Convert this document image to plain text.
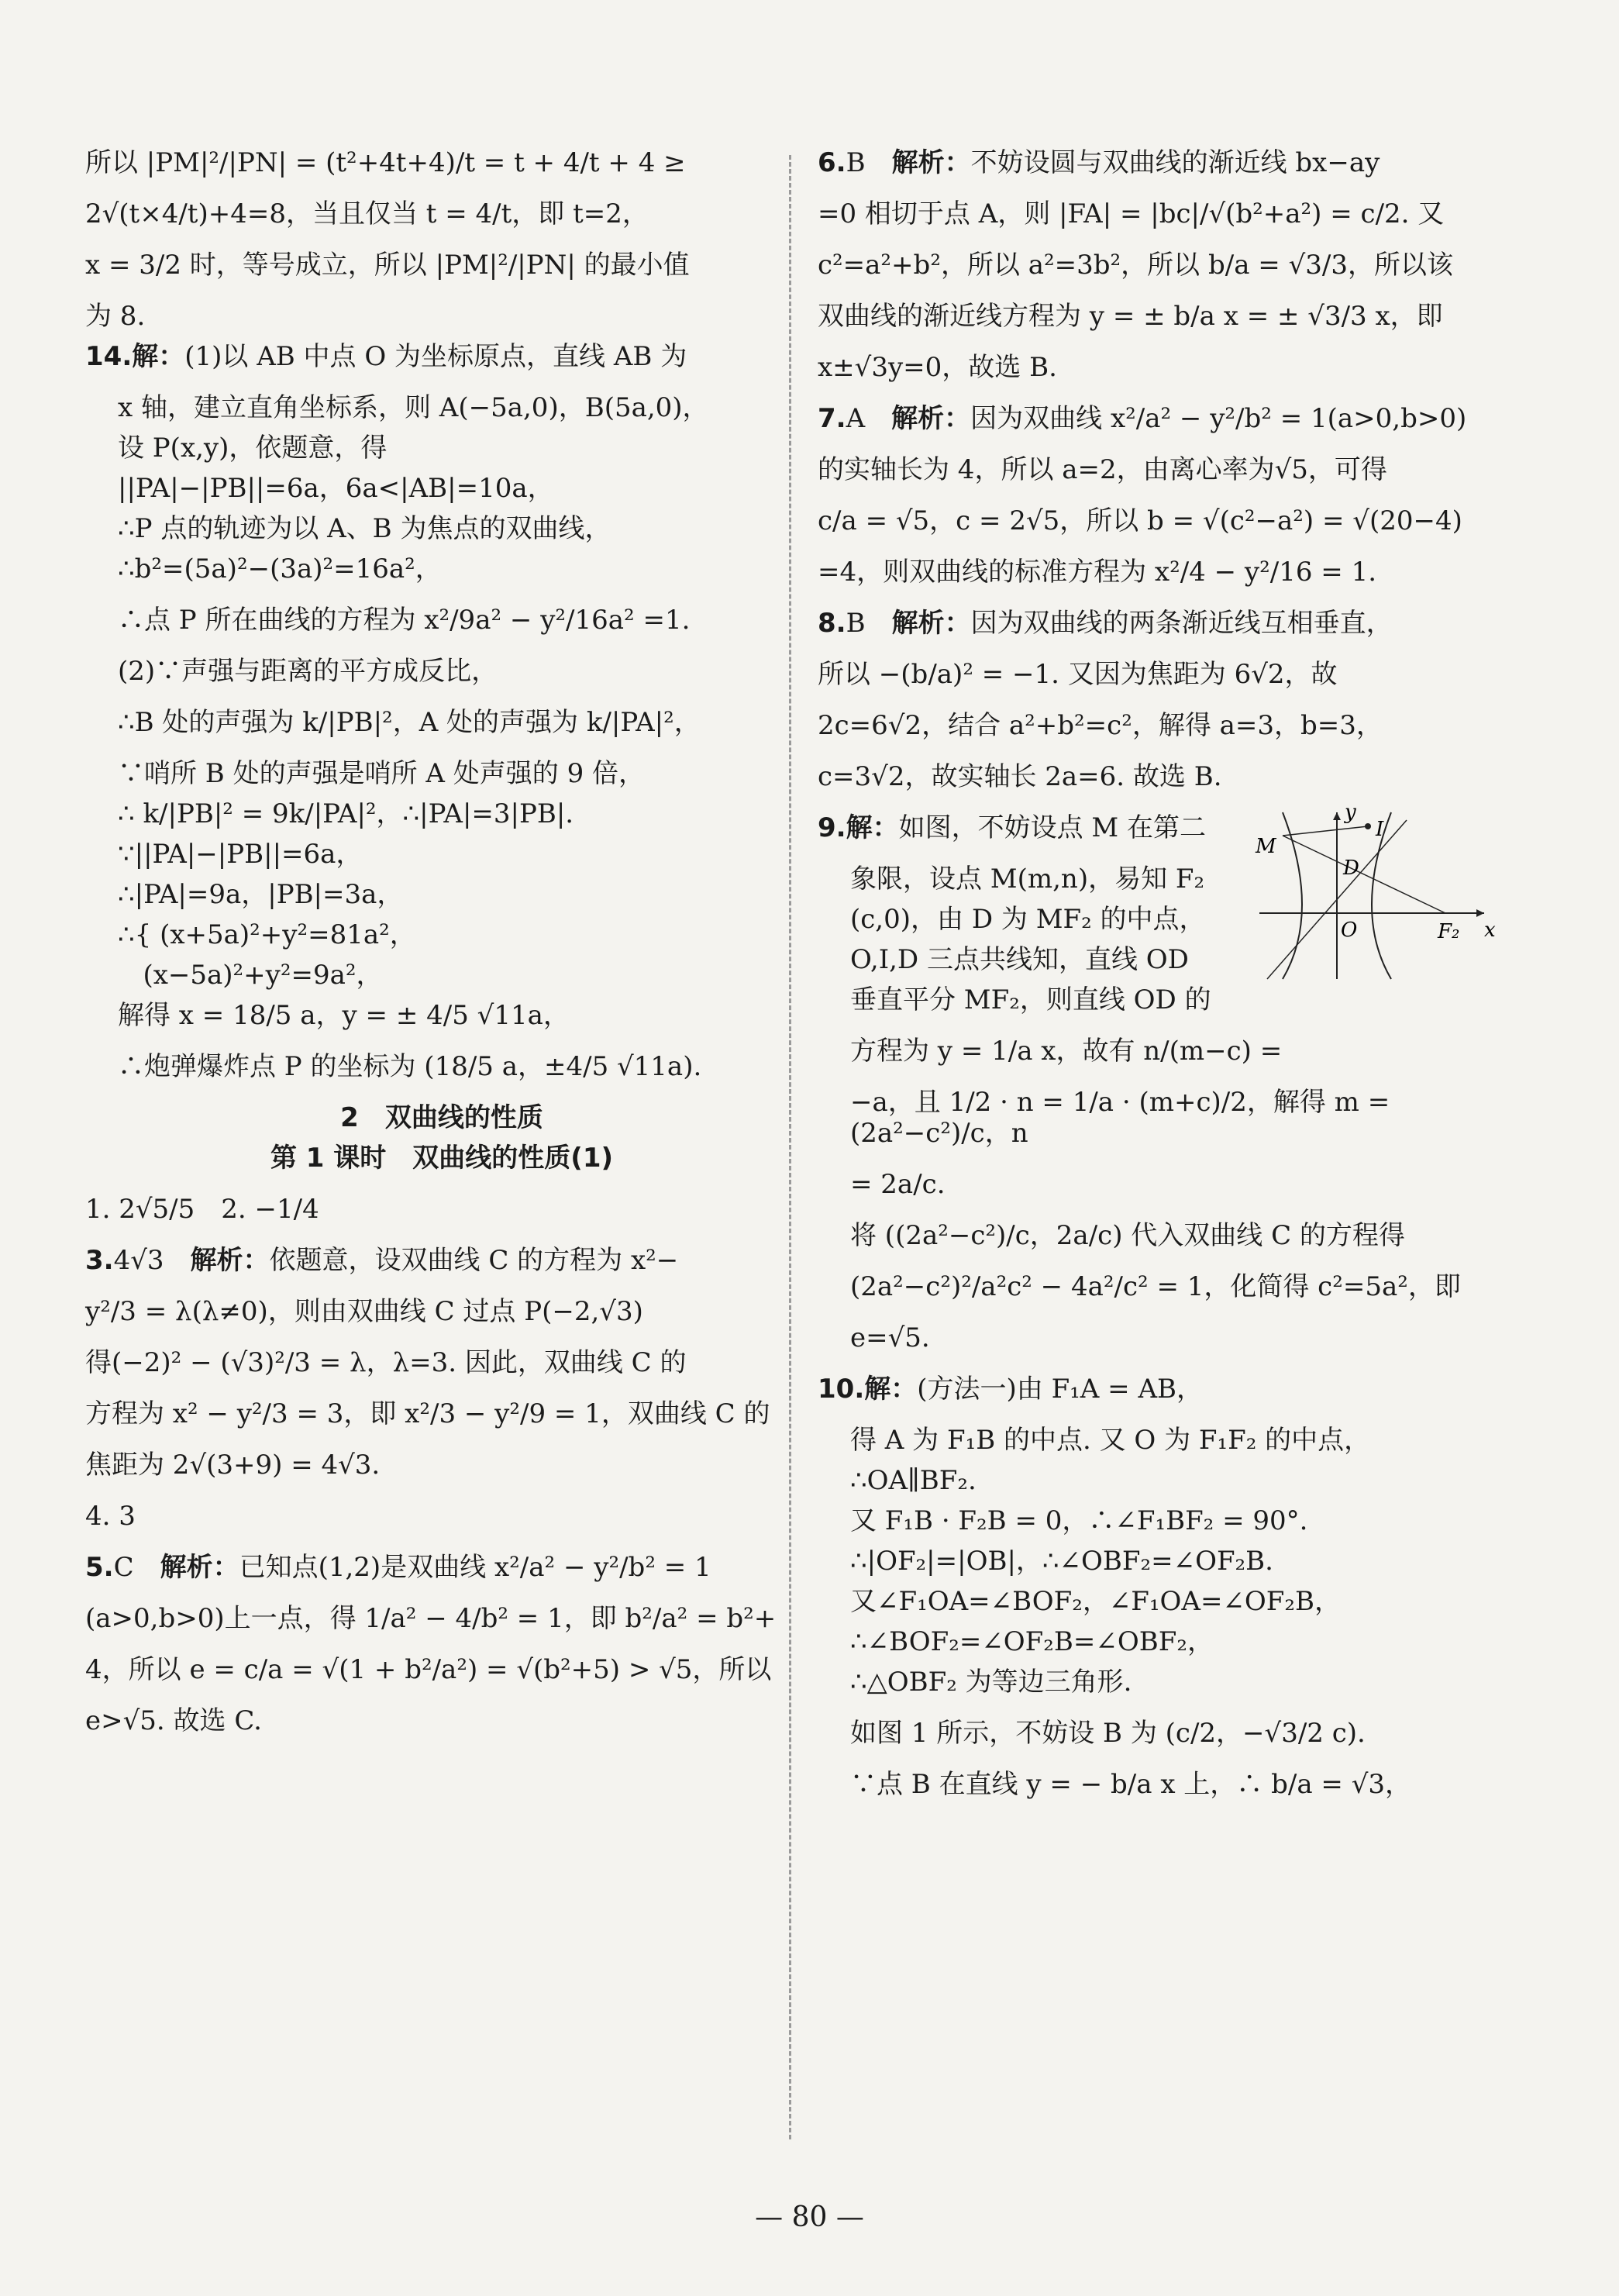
所以 |PM|²/|PN| = (t²+4t+4)/t = t + 4/t + 4 ≥
2√(t×4/t)+4=8，当且仅当 t = 4/t，即 t=2，
x = 3/2 时，等号成立，所以 |PM|²/|PN| 的最小值
为 8.
14.解：(1)以 AB 中点 O 为坐标原点，直线 AB 为
x 轴，建立直角坐标系，则 A(−5a,0)，B(5a,0)，
设 P(x,y)，依题意，得
||PA|−|PB||=6a，6a<|AB|=10a，
∴P 点的轨迹为以 A、B 为焦点的双曲线，
∴b²=(5a)²−(3a)²=16a²，
∴点 P 所在曲线的方程为 x²/9a² − y²/16a² =1.
(2)∵声强与距离的平方成反比，
∴B 处的声强为 k/|PB|²，A 处的声强为 k/|PA|²，
∵哨所 B 处的声强是哨所 A 处声强的 9 倍，
∴ k/|PB|² = 9k/|PA|²，∴|PA|=3|PB|.
∵||PA|−|PB||=6a，
∴|PA|=9a，|PB|=3a，
∴{ (x+5a)²+y²=81a²，
(x−5a)²+y²=9a²，
解得 x = 18/5 a，y = ± 4/5 √11a，
∴炮弹爆炸点 P 的坐标为 (18/5 a，±4/5 √11a).
2　双曲线的性质
第 1 课时　双曲线的性质(1)
1. 2√5/5　2. −1/4
3.4√3　 解析：依题意，设双曲线 C 的方程为 x²−
y²/3 = λ(λ≠0)，则由双曲线 C 过点 P(−2,√3)
得(−2)² − (√3)²/3 = λ，λ=3. 因此，双曲线 C 的
方程为 x² − y²/3 = 3，即 x²/3 − y²/9 = 1，双曲线 C 的
焦距为 2√(3+9) = 4√3.
4. 3
5.C　 解析：已知点(1,2)是双曲线 x²/a² − y²/b² = 1
(a>0,b>0)上一点，得 1/a² − 4/b² = 1，即 b²/a² = b²+
4，所以 e = c/a = √(1 + b²/a²) = √(b²+5) > √5，所以
e>√5. 故选 C.
6.B　 解析：不妨设圆与双曲线的渐近线 bx−ay
=0 相切于点 A，则 |FA| = |bc|/√(b²+a²) = c/2. 又
c²=a²+b²，所以 a²=3b²，所以 b/a = √3/3，所以该
双曲线的渐近线方程为 y = ± b/a x = ± √3/3 x，即
x±√3y=0，故选 B.
7.A　 解析：因为双曲线 x²/a² − y²/b² = 1(a>0,b>0)
的实轴长为 4，所以 a=2，由离心率为√5，可得
c/a = √5，c = 2√5，所以 b = √(c²−a²) = √(20−4)
=4，则双曲线的标准方程为 x²/4 − y²/16 = 1.
8.B　 解析：因为双曲线的两条渐近线互相垂直，
所以 −(b/a)² = −1. 又因为焦距为 6√2，故
2c=6√2，结合 a²+b²=c²，解得 a=3，b=3，
c=3√2，故实轴长 2a=6. 故选 B.
y
x
M
D
I
O	F₂
9.解：如图，不妨设点 M 在第二
象限，设点 M(m,n)，易知 F₂
(c,0)，由 D 为 MF₂ 的中点，
O,I,D 三点共线知，直线 OD
垂直平分 MF₂，则直线 OD 的
方程为 y = 1/a x，故有 n/(m−c) =
−a，且 1/2 · n = 1/a · (m+c)/2，解得 m = (2a²−c²)/c，n
= 2a/c.
将 ((2a²−c²)/c，2a/c) 代入双曲线 C 的方程得
(2a²−c²)²/a²c² − 4a²/c² = 1，化简得 c²=5a²，即
e=√5.
10.解：(方法一)由 F₁A = AB，
得 A 为 F₁B 的中点. 又 O 为 F₁F₂ 的中点，
∴OA∥BF₂.
又 F₁B · F₂B = 0，∴∠F₁BF₂ = 90°.
∴|OF₂|=|OB|，∴∠OBF₂=∠OF₂B.
又∠F₁OA=∠BOF₂，∠F₁OA=∠OF₂B，
∴∠BOF₂=∠OF₂B=∠OBF₂，
∴△OBF₂ 为等边三角形.
如图 1 所示，不妨设 B 为 (c/2，−√3/2 c).
∵点 B 在直线 y = − b/a x 上，∴ b/a = √3，
— 80 —
